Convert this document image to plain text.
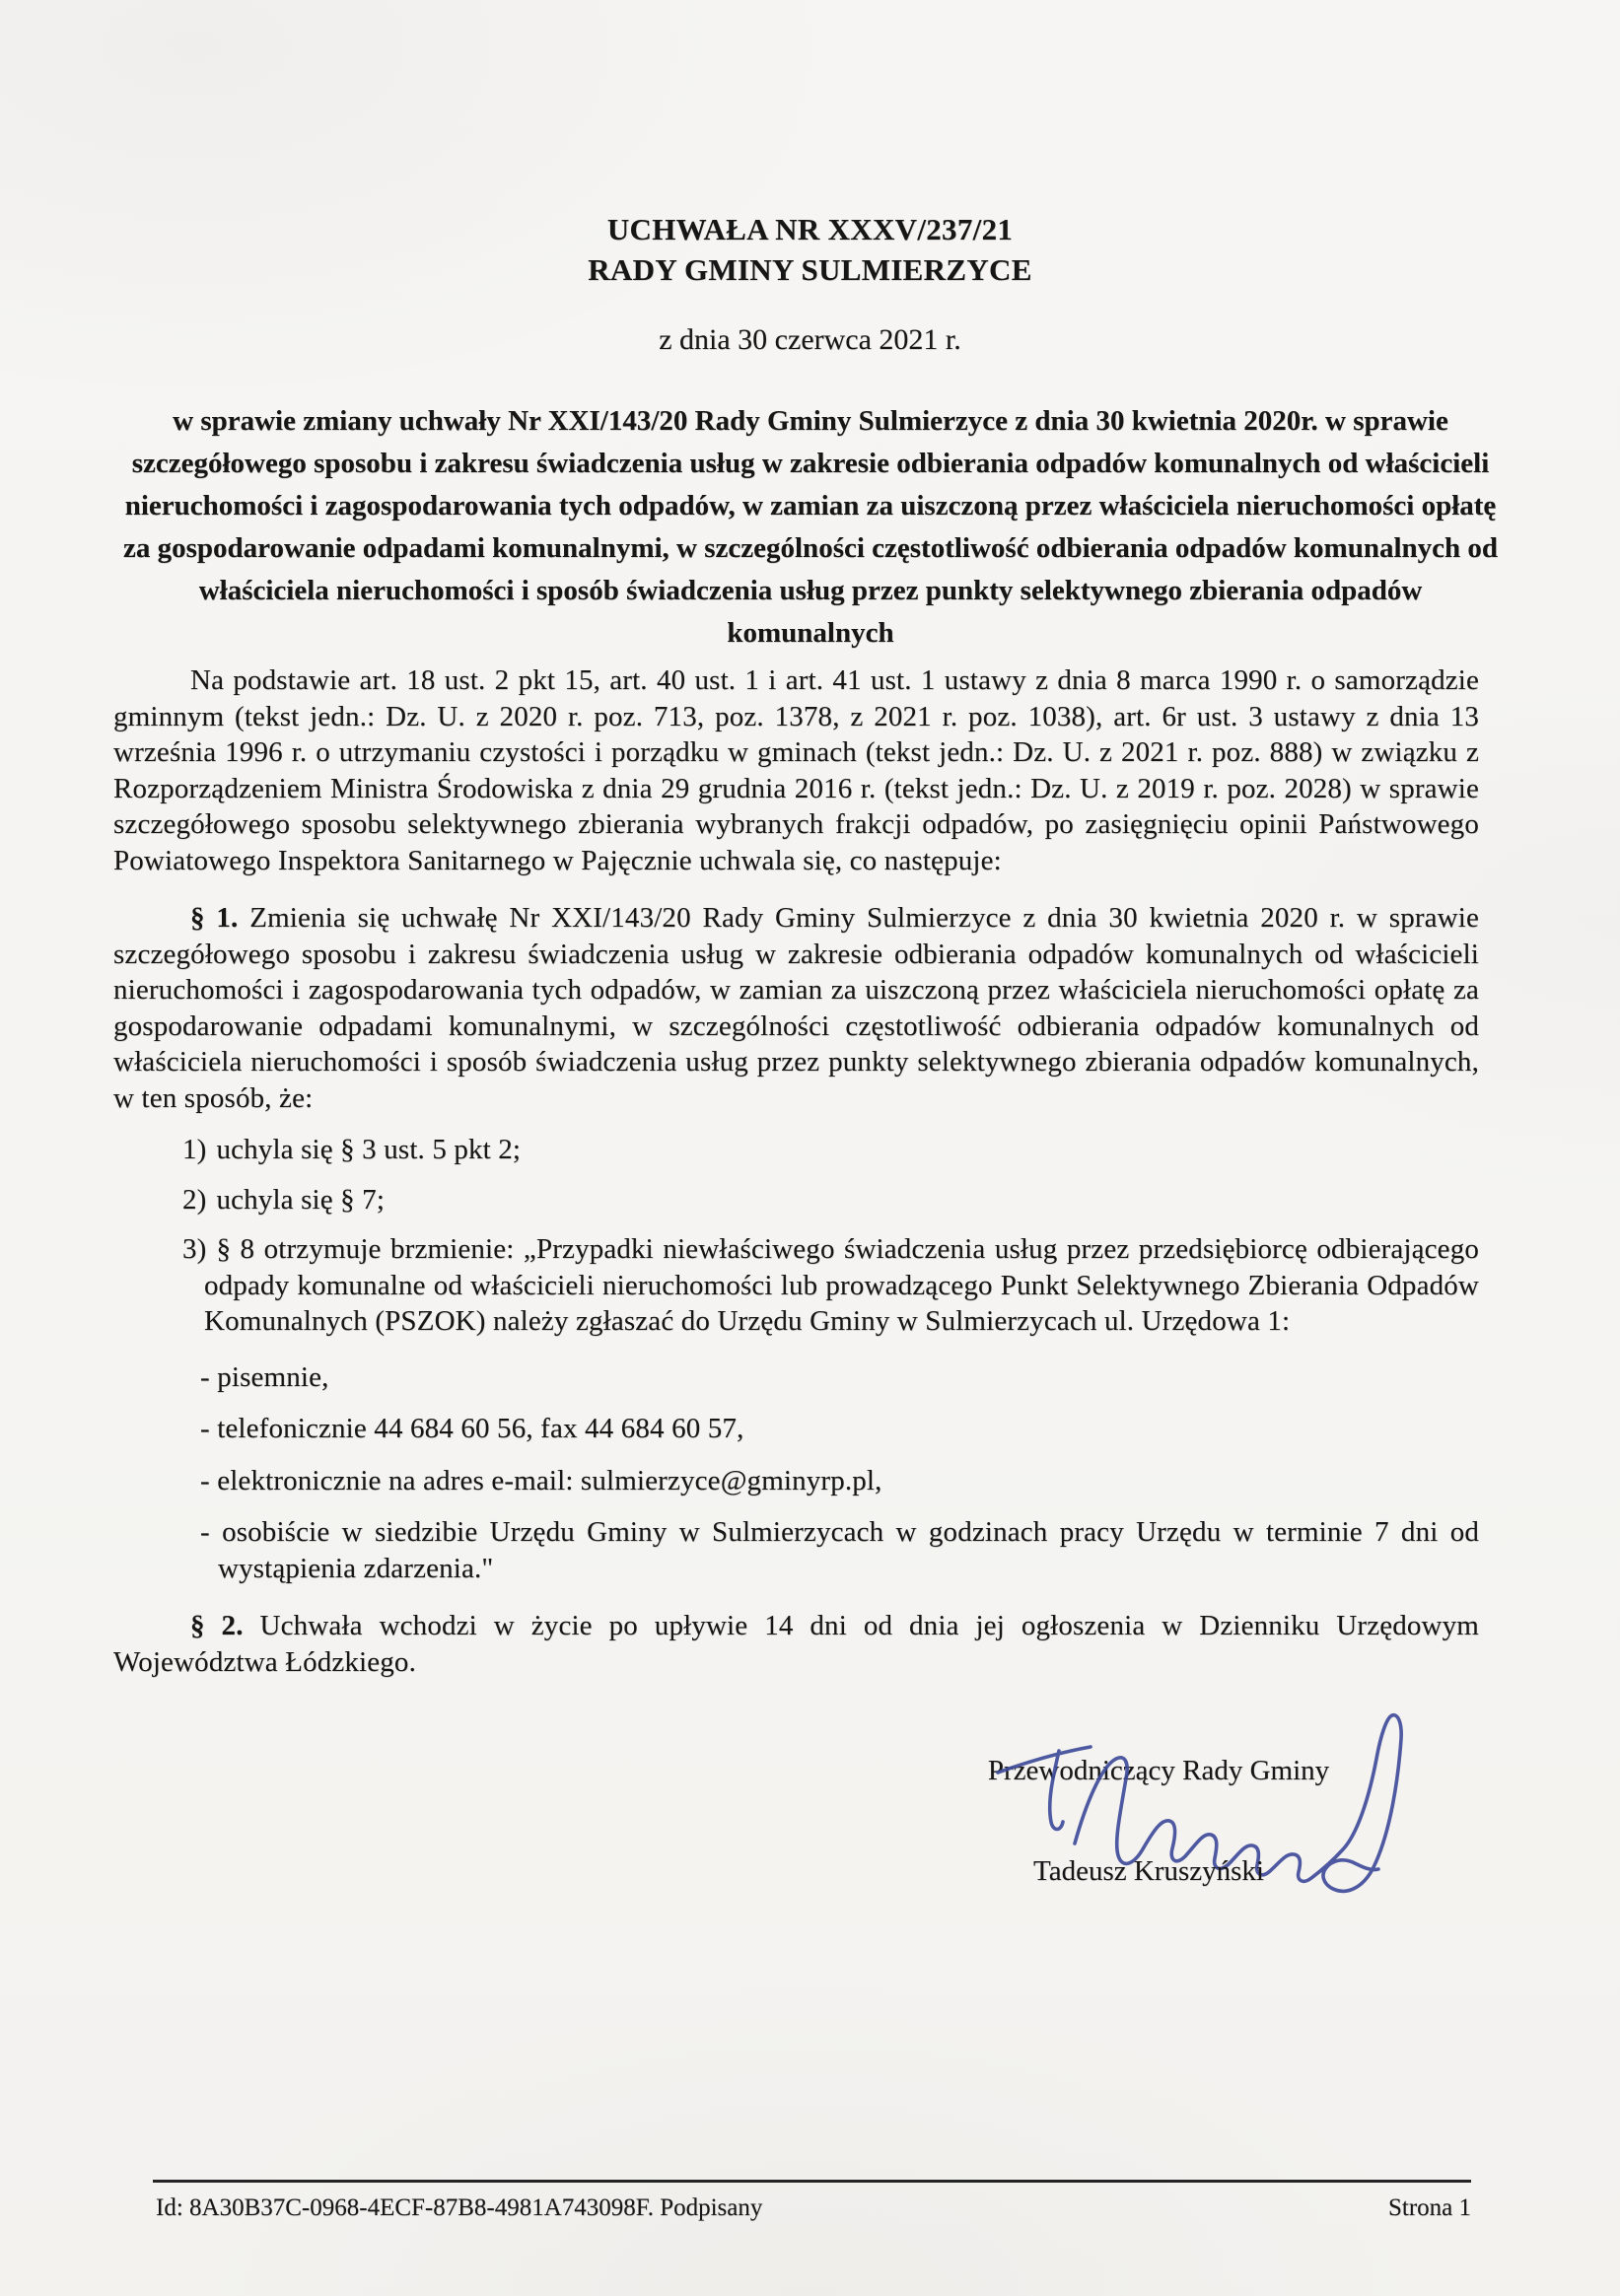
UCHWAŁA NR XXXV/237/21
RADY GMINY SULMIERZYCE
z dnia 30 czerwca 2021 r.
w sprawie zmiany uchwały Nr XXI/143/20 Rady Gminy Sulmierzyce z dnia 30 kwietnia 2020r. w sprawie szczegółowego sposobu i zakresu świadczenia usług w zakresie odbierania odpadów komunalnych od właścicieli nieruchomości i zagospodarowania tych odpadów, w zamian za uiszczoną przez właściciela nieruchomości opłatę za gospodarowanie odpadami komunalnymi, w szczególności częstotliwość odbierania odpadów komunalnych od właściciela nieruchomości i sposób świadczenia usług przez punkty selektywnego zbierania odpadów komunalnych

Na podstawie art. 18 ust. 2 pkt 15, art. 40 ust. 1 i art. 41 ust. 1 ustawy z dnia 8 marca 1990 r. o samorządzie gminnym (tekst jedn.: Dz. U. z 2020 r. poz. 713, poz. 1378, z 2021 r. poz. 1038), art. 6r ust. 3 ustawy z dnia 13 września 1996 r. o utrzymaniu czystości i porządku w gminach (tekst jedn.: Dz. U. z 2021 r. poz. 888) w związku z Rozporządzeniem Ministra Środowiska z dnia 29 grudnia 2016 r. (tekst jedn.: Dz. U. z 2019 r. poz. 2028) w sprawie szczegółowego sposobu selektywnego zbierania wybranych frakcji odpadów, po zasięgnięciu opinii Państwowego Powiatowego Inspektora Sanitarnego w Pajęcznie uchwala się, co następuje:

§ 1. Zmienia się uchwałę Nr XXI/143/20 Rady Gminy Sulmierzyce z dnia 30 kwietnia 2020 r. w sprawie szczegółowego sposobu i zakresu świadczenia usług w zakresie odbierania odpadów komunalnych od właścicieli nieruchomości i zagospodarowania tych odpadów, w zamian za uiszczoną przez właściciela nieruchomości opłatę za gospodarowanie odpadami komunalnymi, w szczególności częstotliwość odbierania odpadów komunalnych od właściciela nieruchomości i sposób świadczenia usług przez punkty selektywnego zbierania odpadów komunalnych, w ten sposób, że:

1) uchyla się § 3 ust. 5 pkt 2;

2) uchyla się § 7;

3) § 8 otrzymuje brzmienie: „Przypadki niewłaściwego świadczenia usług przez przedsiębiorcę odbierającego odpady komunalne od właścicieli nieruchomości lub prowadzącego Punkt Selektywnego Zbierania Odpadów Komunalnych (PSZOK) należy zgłaszać do Urzędu Gminy w Sulmierzycach ul. Urzędowa 1:

- pisemnie,

- telefonicznie 44 684 60 56, fax 44 684 60 57,

- elektronicznie na adres e-mail: sulmierzyce@gminyrp.pl,

- osobiście w siedzibie Urzędu Gminy w Sulmierzycach w godzinach pracy Urzędu w terminie 7 dni od wystąpienia zdarzenia."

§ 2. Uchwała wchodzi w życie po upływie 14 dni od dnia jej ogłoszenia w Dzienniku Urzędowym Województwa Łódzkiego.

Przewodniczący Rady Gminy
Tadeusz Kruszyński
Id: 8A30B37C-0968-4ECF-87B8-4981A743098F. Podpisany	Strona 1
